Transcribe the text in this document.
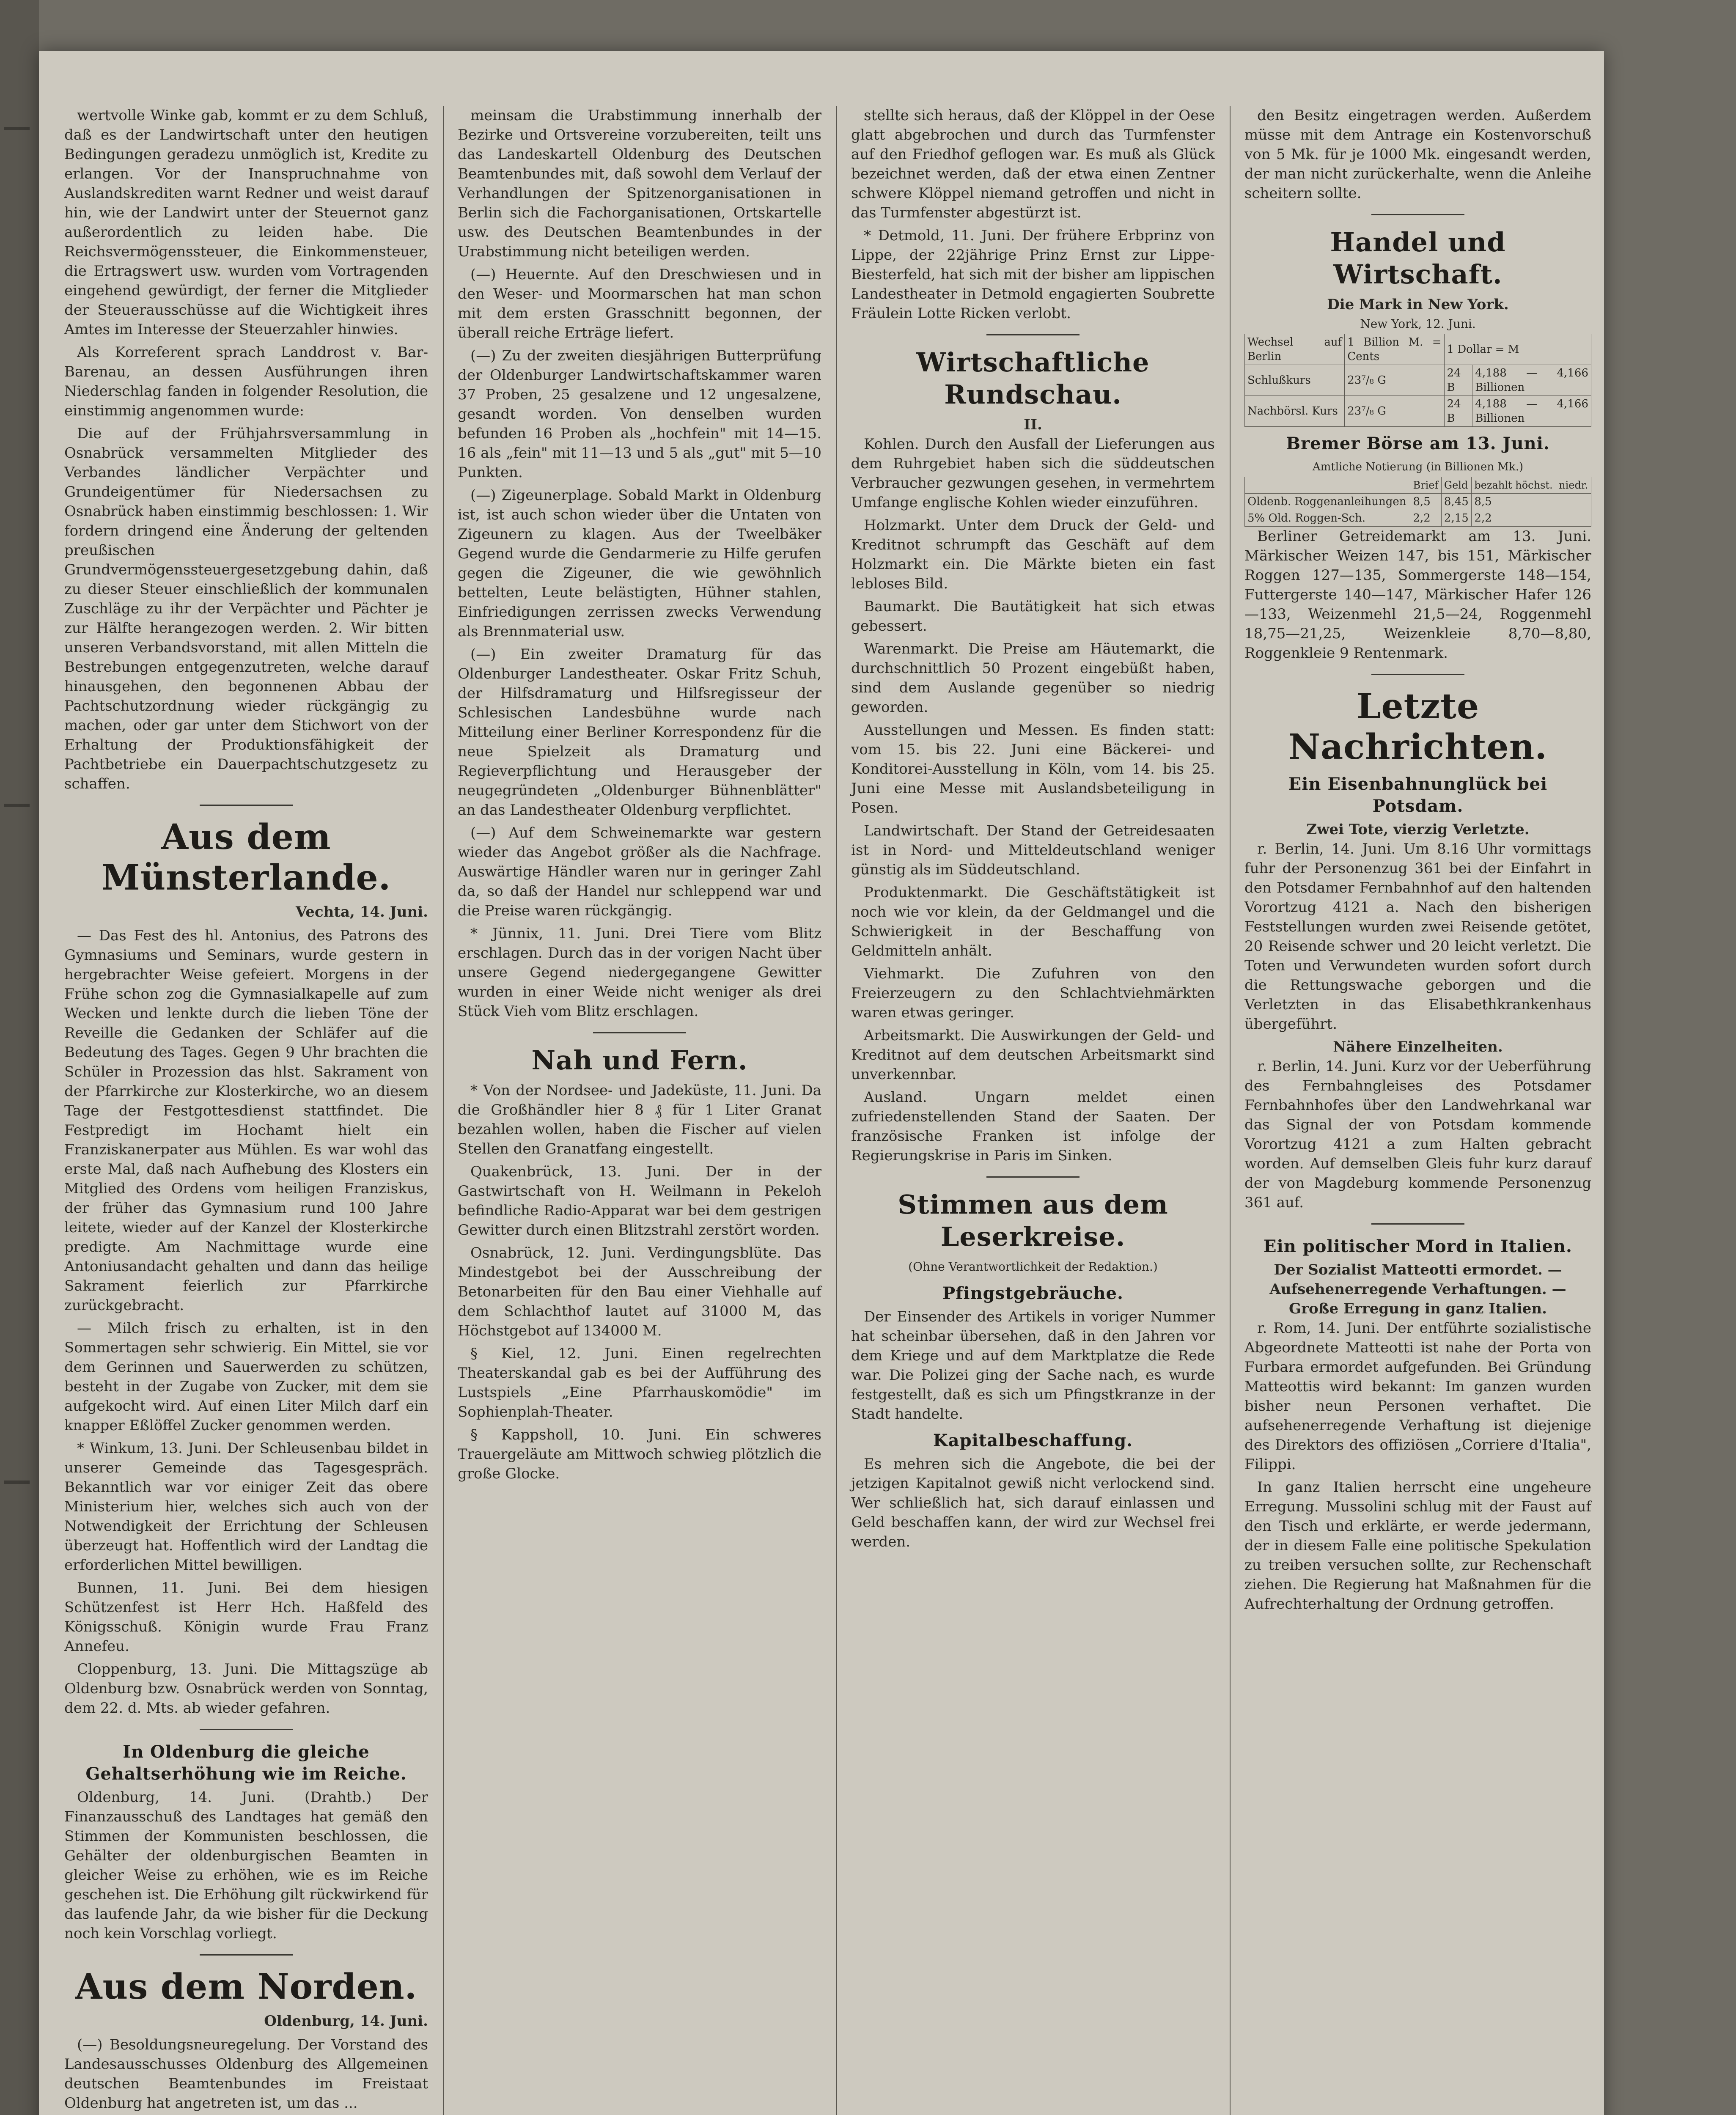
wertvolle Winke gab, kommt er zu dem Schluß, daß es der Landwirtschaft unter den heutigen Bedingungen geradezu unmöglich ist, Kredite zu erlangen. Vor der Inanspruchnahme von Auslandskrediten warnt Redner und weist darauf hin, wie der Landwirt unter der Steuernot ganz außerordentlich zu leiden habe. Die Reichsvermögenssteuer, die Einkommensteuer, die Ertragswert usw. wurden vom Vortragenden eingehend gewürdigt, der ferner die Mitglieder der Steuerausschüsse auf die Wichtigkeit ihres Amtes im Interesse der Steuerzahler hinwies.

Als Korreferent sprach Landdrost v. Bar-Barenau, an dessen Ausführungen ihren Niederschlag fanden in folgender Resolution, die einstimmig angenommen wurde:

Die auf der Frühjahrsversammlung in Osnabrück versammelten Mitglieder des Verbandes ländlicher Verpächter und Grundeigentümer für Niedersachsen zu Osnabrück haben einstimmig beschlossen: 1. Wir fordern dringend eine Änderung der geltenden preußischen Grundvermögenssteuergesetzgebung dahin, daß zu dieser Steuer einschließlich der kommunalen Zuschläge zu ihr der Verpächter und Pächter je zur Hälfte herangezogen werden. 2. Wir bitten unseren Verbandsvorstand, mit allen Mitteln die Bestrebungen entgegenzutreten, welche darauf hinausgehen, den begonnenen Abbau der Pachtschutzordnung wieder rückgängig zu machen, oder gar unter dem Stichwort von der Erhaltung der Produktionsfähigkeit der Pachtbetriebe ein Dauerpachtschutzgesetz zu schaffen.

Aus dem Münsterlande.
Vechta, 14. Juni.

— Das Fest des hl. Antonius, des Patrons des Gymnasiums und Seminars, wurde gestern in hergebrachter Weise gefeiert. Morgens in der Frühe schon zog die Gymnasialkapelle auf zum Wecken und lenkte durch die lieben Töne der Reveille die Gedanken der Schläfer auf die Bedeutung des Tages. Gegen 9 Uhr brachten die Schüler in Prozession das hlst. Sakrament von der Pfarrkirche zur Klosterkirche, wo an diesem Tage der Festgottesdienst stattfindet. Die Festpredigt im Hochamt hielt ein Franziskanerpater aus Mühlen. Es war wohl das erste Mal, daß nach Aufhebung des Klosters ein Mitglied des Ordens vom heiligen Franziskus, der früher das Gymnasium rund 100 Jahre leitete, wieder auf der Kanzel der Klosterkirche predigte. Am Nachmittage wurde eine Antoniusandacht gehalten und dann das heilige Sakrament feierlich zur Pfarrkirche zurückgebracht.

— Milch frisch zu erhalten, ist in den Sommertagen sehr schwierig. Ein Mittel, sie vor dem Gerinnen und Sauerwerden zu schützen, besteht in der Zugabe von Zucker, mit dem sie aufgekocht wird. Auf einen Liter Milch darf ein knapper Eßlöffel Zucker genommen werden.

* Winkum, 13. Juni. Der Schleusenbau bildet in unserer Gemeinde das Tagesgespräch. Bekanntlich war vor einiger Zeit das obere Ministerium hier, welches sich auch von der Notwendigkeit der Errichtung der Schleusen überzeugt hat. Hoffentlich wird der Landtag die erforderlichen Mittel bewilligen.

Bunnen, 11. Juni. Bei dem hiesigen Schützenfest ist Herr Hch. Haßfeld des Königsschuß. Königin wurde Frau Franz Annefeu.

Cloppenburg, 13. Juni. Die Mittagszüge ab Oldenburg bzw. Osnabrück werden von Sonntag, dem 22. d. Mts. ab wieder gefahren.

In Oldenburg die gleiche Gehaltserhöhung wie im Reiche.

Oldenburg, 14. Juni. (Drahtb.) Der Finanzausschuß des Landtages hat gemäß den Stimmen der Kommunisten beschlossen, die Gehälter der oldenburgischen Beamten in gleicher Weise zu erhöhen, wie es im Reiche geschehen ist. Die Erhöhung gilt rückwirkend für das laufende Jahr, da wie bisher für die Deckung noch kein Vorschlag vorliegt.

Aus dem Norden.
Oldenburg, 14. Juni.

(—) Besoldungsneuregelung. Der Vorstand des Landesausschusses Oldenburg des Allgemeinen deutschen Beamtenbundes im Freistaat Oldenburg hat angetreten ist, um das ...

meinsam die Urabstimmung innerhalb der Bezirke und Ortsvereine vorzubereiten, teilt uns das Landeskartell Oldenburg des Deutschen Beamtenbundes mit, daß sowohl dem Verlauf der Verhandlungen der Spitzenorganisationen in Berlin sich die Fachorganisationen, Ortskartelle usw. des Deutschen Beamtenbundes in der Urabstimmung nicht beteiligen werden.

(—) Heuernte. Auf den Dreschwiesen und in den Weser- und Moormarschen hat man schon mit dem ersten Grasschnitt begonnen, der überall reiche Erträge liefert.

(—) Zu der zweiten diesjährigen Butterprüfung der Oldenburger Landwirtschaftskammer waren 37 Proben, 25 gesalzene und 12 ungesalzene, gesandt worden. Von denselben wurden befunden 16 Proben als „hochfein" mit 14—15. 16 als „fein" mit 11—13 und 5 als „gut" mit 5—10 Punkten.

(—) Zigeunerplage. Sobald Markt in Oldenburg ist, ist auch schon wieder über die Untaten von Zigeunern zu klagen. Aus der Tweelbäker Gegend wurde die Gendarmerie zu Hilfe gerufen gegen die Zigeuner, die wie gewöhnlich bettelten, Leute belästigten, Hühner stahlen, Einfriedigungen zerrissen zwecks Verwendung als Brennmaterial usw.

(—) Ein zweiter Dramaturg für das Oldenburger Landestheater. Oskar Fritz Schuh, der Hilfsdramaturg und Hilfsregisseur der Schlesischen Landesbühne wurde nach Mitteilung einer Berliner Korrespondenz für die neue Spielzeit als Dramaturg und Regieverpflichtung und Herausgeber der neugegründeten „Oldenburger Bühnenblätter" an das Landestheater Oldenburg verpflichtet.

(—) Auf dem Schweinemarkte war gestern wieder das Angebot größer als die Nachfrage. Auswärtige Händler waren nur in geringer Zahl da, so daß der Handel nur schleppend war und die Preise waren rückgängig.

* Jünnix, 11. Juni. Drei Tiere vom Blitz erschlagen. Durch das in der vorigen Nacht über unsere Gegend niedergegangene Gewitter wurden in einer Weide nicht weniger als drei Stück Vieh vom Blitz erschlagen.

Nah und Fern.

* Von der Nordsee- und Jadeküste, 11. Juni. Da die Großhändler hier 8 ₰ für 1 Liter Granat bezahlen wollen, haben die Fischer auf vielen Stellen den Granatfang eingestellt.

Quakenbrück, 13. Juni. Der in der Gastwirtschaft von H. Weilmann in Pekeloh befindliche Radio-Apparat war bei dem gestrigen Gewitter durch einen Blitzstrahl zerstört worden.

Osnabrück, 12. Juni. Verdingungsblüte. Das Mindestgebot bei der Ausschreibung der Betonarbeiten für den Bau einer Viehhalle auf dem Schlachthof lautet auf 31000 M, das Höchstgebot auf 134000 M.

§ Kiel, 12. Juni. Einen regelrechten Theaterskandal gab es bei der Aufführung des Lustspiels „Eine Pfarrhauskomödie" im Sophienplah-Theater.

§ Kappsholl, 10. Juni. Ein schweres Trauergeläute am Mittwoch schwieg plötzlich die große Glocke.

stellte sich heraus, daß der Klöppel in der Oese glatt abgebrochen und durch das Turmfenster auf den Friedhof geflogen war. Es muß als Glück bezeichnet werden, daß der etwa einen Zentner schwere Klöppel niemand getroffen und nicht in das Turmfenster abgestürzt ist.

* Detmold, 11. Juni. Der frühere Erbprinz von Lippe, der 22jährige Prinz Ernst zur Lippe-Biesterfeld, hat sich mit der bisher am lippischen Landestheater in Detmold engagierten Soubrette Fräulein Lotte Ricken verlobt.

Wirtschaftliche Rundschau.
II.

Kohlen. Durch den Ausfall der Lieferungen aus dem Ruhrgebiet haben sich die süddeutschen Verbraucher gezwungen gesehen, in vermehrtem Umfange englische Kohlen wieder einzuführen.

Holzmarkt. Unter dem Druck der Geld- und Kreditnot schrumpft das Geschäft auf dem Holzmarkt ein. Die Märkte bieten ein fast lebloses Bild.

Baumarkt. Die Bautätigkeit hat sich etwas gebessert.

Warenmarkt. Die Preise am Häutemarkt, die durchschnittlich 50 Prozent eingebüßt haben, sind dem Auslande gegenüber so niedrig geworden.

Ausstellungen und Messen. Es finden statt: vom 15. bis 22. Juni eine Bäckerei- und Konditorei-Ausstellung in Köln, vom 14. bis 25. Juni eine Messe mit Auslandsbeteiligung in Posen.

Landwirtschaft. Der Stand der Getreidesaaten ist in Nord- und Mitteldeutschland weniger günstig als im Süddeutschland.

Produktenmarkt. Die Geschäftstätigkeit ist noch wie vor klein, da der Geldmangel und die Schwierigkeit in der Beschaffung von Geldmitteln anhält.

Viehmarkt. Die Zufuhren von den Freierzeugern zu den Schlachtviehmärkten waren etwas geringer.

Arbeitsmarkt. Die Auswirkungen der Geld- und Kreditnot auf dem deutschen Arbeitsmarkt sind unverkennbar.

Ausland. Ungarn meldet einen zufriedenstellenden Stand der Saaten. Der französische Franken ist infolge der Regierungskrise in Paris im Sinken.

Stimmen aus dem Leserkreise.
(Ohne Verantwortlichkeit der Redaktion.)
Pfingstgebräuche.

Der Einsender des Artikels in voriger Nummer hat scheinbar übersehen, daß in den Jahren vor dem Kriege und auf dem Marktplatze die Rede war. Die Polizei ging der Sache nach, es wurde festgestellt, daß es sich um Pfingstkranze in der Stadt handelte.

Kapitalbeschaffung.

Es mehren sich die Angebote, die bei der jetzigen Kapitalnot gewiß nicht verlockend sind. Wer schließlich hat, sich darauf einlassen und Geld beschaffen kann, der wird zur Wechsel frei werden.

den Besitz eingetragen werden. Außerdem müsse mit dem Antrage ein Kostenvorschuß von 5 Mk. für je 1000 Mk. eingesandt werden, der man nicht zurückerhalte, wenn die Anleihe scheitern sollte.

Handel und Wirtschaft.
Die Mark in New York.
New York, 12. Juni.
Wechsel auf Berlin	1 Billion M. = Cents	1 Dollar = M	
Schlußkurs	23⁷/₈ G	24 B	4,188 — 4,166 Billionen
Nachbörsl. Kurs	23⁷/₈ G	24 B	4,188 — 4,166 Billionen
Bremer Börse am 13. Juni.
Amtliche Notierung (in Billionen Mk.)
	Brief	Geld	bezahlt höchst.	niedr.
Oldenb. Roggenanleihungen	8,5	8,45	8,5	
5% Old. Roggen-Sch.	2,2	2,15	2,2	

Berliner Getreidemarkt am 13. Juni. Märkischer Weizen 147, bis 151, Märkischer Roggen 127—135, Sommergerste 148—154, Futtergerste 140—147, Märkischer Hafer 126—133, Weizenmehl 21,5—24, Roggenmehl 18,75—21,25, Weizenkleie 8,70—8,80, Roggenkleie 9 Rentenmark.

Letzte Nachrichten.
Ein Eisenbahnunglück bei Potsdam.
Zwei Tote, vierzig Verletzte.

r. Berlin, 14. Juni. Um 8.16 Uhr vormittags fuhr der Personenzug 361 bei der Einfahrt in den Potsdamer Fernbahnhof auf den haltenden Vorortzug 4121 a. Nach den bisherigen Feststellungen wurden zwei Reisende getötet, 20 Reisende schwer und 20 leicht verletzt. Die Toten und Verwundeten wurden sofort durch die Rettungswache geborgen und die Verletzten in das Elisabethkrankenhaus übergeführt.

Nähere Einzelheiten.

r. Berlin, 14. Juni. Kurz vor der Ueberführung des Fernbahngleises des Potsdamer Fernbahnhofes über den Landwehrkanal war das Signal der von Potsdam kommende Vorortzug 4121 a zum Halten gebracht worden. Auf demselben Gleis fuhr kurz darauf der von Magdeburg kommende Personenzug 361 auf.

Ein politischer Mord in Italien.
Der Sozialist Matteotti ermordet. — Aufsehenerregende Verhaftungen. — Große Erregung in ganz Italien.

r. Rom, 14. Juni. Der entführte sozialistische Abgeordnete Matteotti ist nahe der Porta von Furbara ermordet aufgefunden. Bei Gründung Matteottis wird bekannt: Im ganzen wurden bisher neun Personen verhaftet. Die aufsehenerregende Verhaftung ist diejenige des Direktors des offiziösen „Corriere d'Italia", Filippi.

In ganz Italien herrscht eine ungeheure Erregung. Mussolini schlug mit der Faust auf den Tisch und erklärte, er werde jedermann, der in diesem Falle eine politische Spekulation zu treiben versuchen sollte, zur Rechenschaft ziehen. Die Regierung hat Maßnahmen für die Aufrechterhaltung der Ordnung getroffen.
